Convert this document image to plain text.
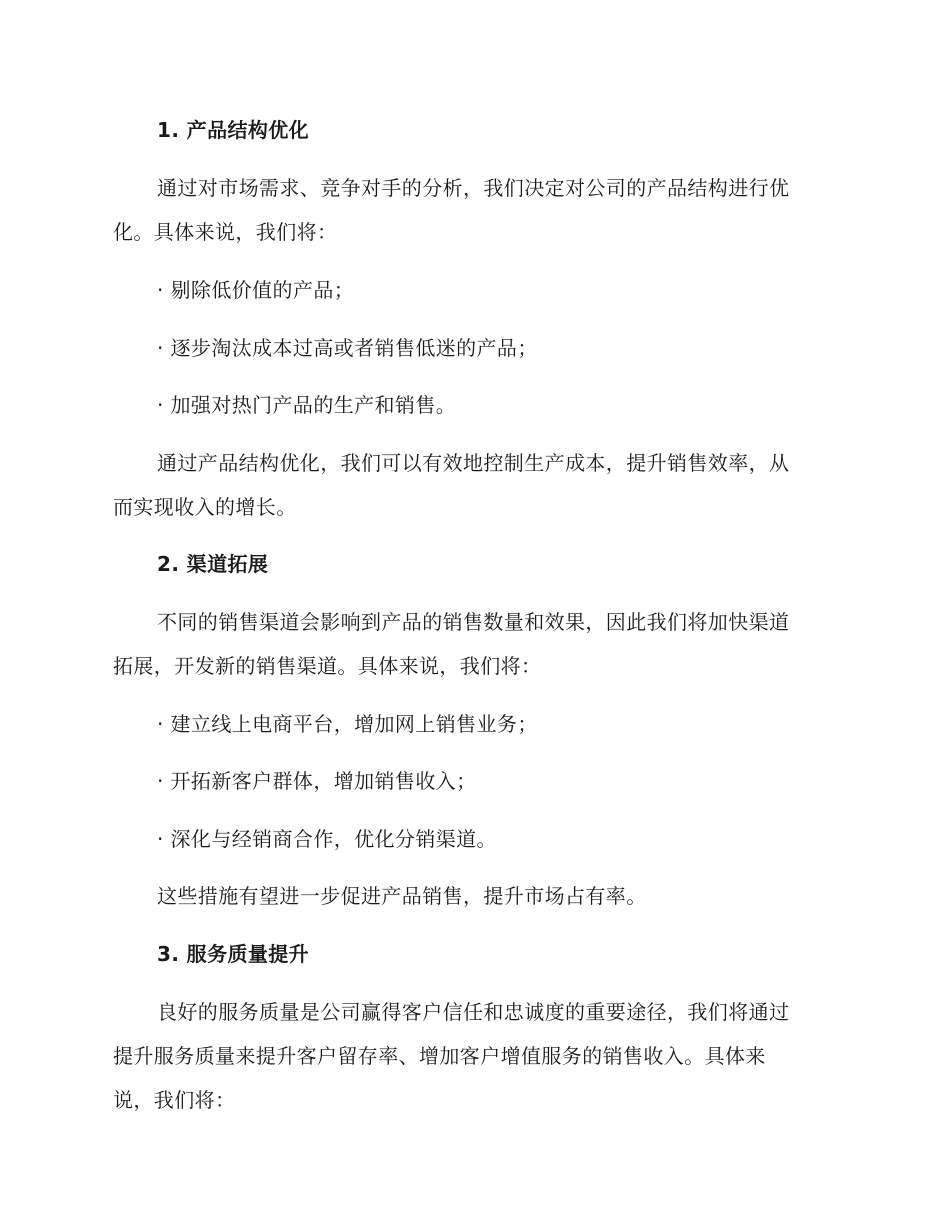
1. 产品结构优化
通过对市场需求、竞争对手的分析，我们决定对公司的产品结构进行优
化。具体来说，我们将：
· 剔除低价值的产品；
· 逐步淘汰成本过高或者销售低迷的产品；
· 加强对热门产品的生产和销售。
通过产品结构优化，我们可以有效地控制生产成本，提升销售效率，从
而实现收入的增长。
2. 渠道拓展
不同的销售渠道会影响到产品的销售数量和效果，因此我们将加快渠道
拓展，开发新的销售渠道。具体来说，我们将：
· 建立线上电商平台，增加网上销售业务；
· 开拓新客户群体，增加销售收入；
· 深化与经销商合作，优化分销渠道。
这些措施有望进一步促进产品销售，提升市场占有率。
3. 服务质量提升
良好的服务质量是公司赢得客户信任和忠诚度的重要途径，我们将通过
提升服务质量来提升客户留存率、增加客户增值服务的销售收入。具体来
说，我们将：
